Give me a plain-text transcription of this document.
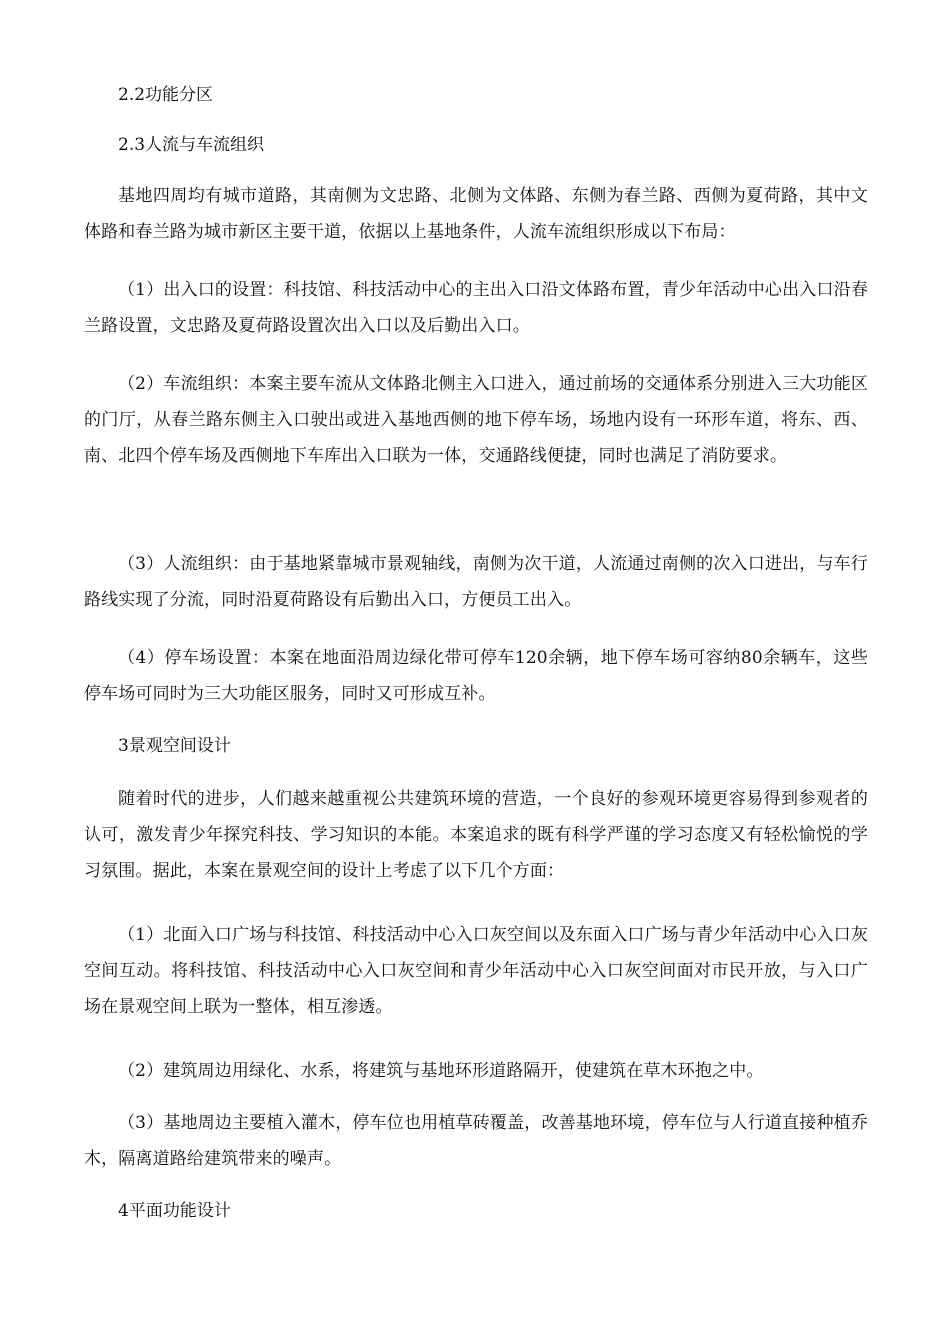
2.2功能分区

2.3人流与车流组织

基地四周均有城市道路，其南侧为文忠路、北侧为文体路、东侧为春兰路、西侧为夏荷路，其中文体路和春兰路为城市新区主要干道，依据以上基地条件，人流车流组织形成以下布局：

（1）出入口的设置：科技馆、科技活动中心的主出入口沿文体路布置，青少年活动中心出入口沿春兰路设置，文忠路及夏荷路设置次出入口以及后勤出入口。

（2）车流组织：本案主要车流从文体路北侧主入口进入，通过前场的交通体系分别进入三大功能区的门厅，从春兰路东侧主入口驶出或进入基地西侧的地下停车场，场地内设有一环形车道，将东、西、南、北四个停车场及西侧地下车库出入口联为一体，交通路线便捷，同时也满足了消防要求。

（3）人流组织：由于基地紧靠城市景观轴线，南侧为次干道，人流通过南侧的次入口进出，与车行路线实现了分流，同时沿夏荷路设有后勤出入口，方便员工出入。

（4）停车场设置：本案在地面沿周边绿化带可停车120余辆，地下停车场可容纳80余辆车，这些停车场可同时为三大功能区服务，同时又可形成互补。

3景观空间设计

随着时代的进步，人们越来越重视公共建筑环境的营造，一个良好的参观环境更容易得到参观者的认可，激发青少年探究科技、学习知识的本能。本案追求的既有科学严谨的学习态度又有轻松愉悦的学习氛围。据此，本案在景观空间的设计上考虑了以下几个方面：

（1）北面入口广场与科技馆、科技活动中心入口灰空间以及东面入口广场与青少年活动中心入口灰空间互动。将科技馆、科技活动中心入口灰空间和青少年活动中心入口灰空间面对市民开放，与入口广场在景观空间上联为一整体，相互渗透。

（2）建筑周边用绿化、水系，将建筑与基地环形道路隔开，使建筑在草木环抱之中。

（3）基地周边主要植入灌木，停车位也用植草砖覆盖，改善基地环境，停车位与人行道直接种植乔木，隔离道路给建筑带来的噪声。

4平面功能设计
